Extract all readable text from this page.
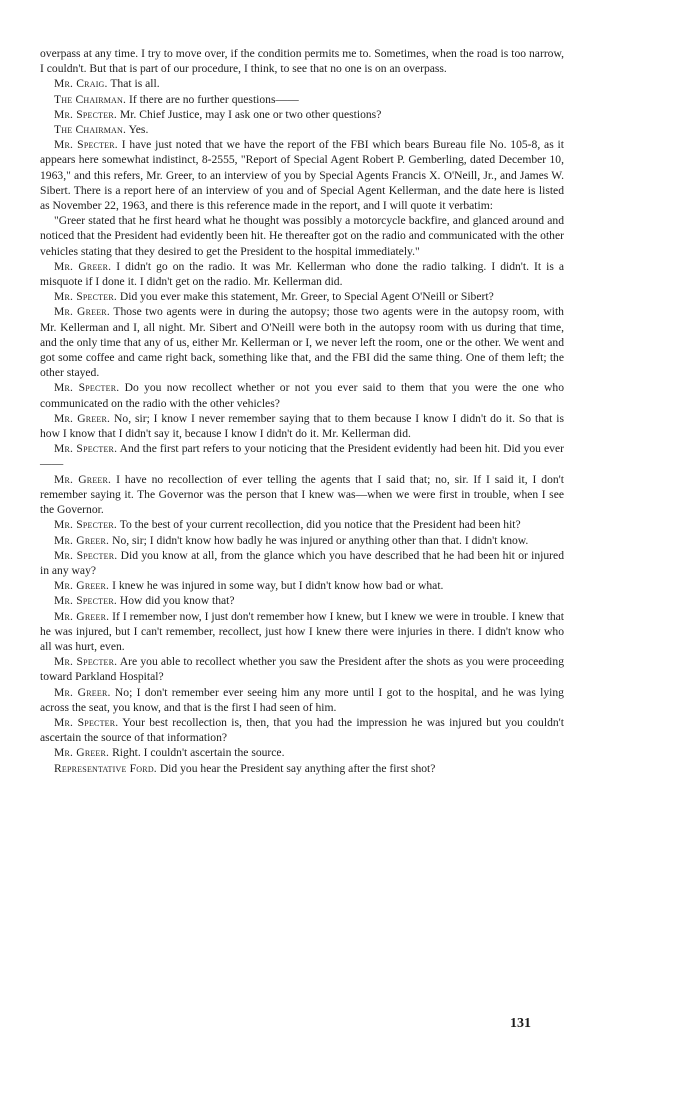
overpass at any time. I try to move over, if the condition permits me to. Sometimes, when the road is too narrow, I couldn't. But that is part of our procedure, I think, to see that no one is on an overpass.

Mr. Craig. That is all.

The Chairman. If there are no further questions——

Mr. Specter. Mr. Chief Justice, may I ask one or two other questions?

The Chairman. Yes.

Mr. Specter. I have just noted that we have the report of the FBI which bears Bureau file No. 105-8, as it appears here somewhat indistinct, 8-2555, "Report of Special Agent Robert P. Gemberling, dated December 10, 1963," and this refers, Mr. Greer, to an interview of you by Special Agents Francis X. O'Neill, Jr., and James W. Sibert. There is a report here of an interview of you and of Special Agent Kellerman, and the date here is listed as November 22, 1963, and there is this reference made in the report, and I will quote it verbatim:

"Greer stated that he first heard what he thought was possibly a motorcycle backfire, and glanced around and noticed that the President had evidently been hit. He thereafter got on the radio and communicated with the other vehicles stating that they desired to get the President to the hospital immediately."

Mr. Greer. I didn't go on the radio. It was Mr. Kellerman who done the radio talking. I didn't. It is a misquote if I done it. I didn't get on the radio. Mr. Kellerman did.

Mr. Specter. Did you ever make this statement, Mr. Greer, to Special Agent O'Neill or Sibert?

Mr. Greer. Those two agents were in during the autopsy; those two agents were in the autopsy room, with Mr. Kellerman and I, all night. Mr. Sibert and O'Neill were both in the autopsy room with us during that time, and the only time that any of us, either Mr. Kellerman or I, we never left the room, one or the other. We went and got some coffee and came right back, something like that, and the FBI did the same thing. One of them left; the other stayed.

Mr. Specter. Do you now recollect whether or not you ever said to them that you were the one who communicated on the radio with the other vehicles?

Mr. Greer. No, sir; I know I never remember saying that to them because I know I didn't do it. So that is how I know that I didn't say it, because I know I didn't do it. Mr. Kellerman did.

Mr. Specter. And the first part refers to your noticing that the President evidently had been hit. Did you ever——

Mr. Greer. I have no recollection of ever telling the agents that I said that; no, sir. If I said it, I don't remember saying it. The Governor was the person that I knew was—when we were first in trouble, when I see the Governor.

Mr. Specter. To the best of your current recollection, did you notice that the President had been hit?

Mr. Greer. No, sir; I didn't know how badly he was injured or anything other than that. I didn't know.

Mr. Specter. Did you know at all, from the glance which you have described that he had been hit or injured in any way?

Mr. Greer. I knew he was injured in some way, but I didn't know how bad or what.

Mr. Specter. How did you know that?

Mr. Greer. If I remember now, I just don't remember how I knew, but I knew we were in trouble. I knew that he was injured, but I can't remember, recollect, just how I knew there were injuries in there. I didn't know who all was hurt, even.

Mr. Specter. Are you able to recollect whether you saw the President after the shots as you were proceeding toward Parkland Hospital?

Mr. Greer. No; I don't remember ever seeing him any more until I got to the hospital, and he was lying across the seat, you know, and that is the first I had seen of him.

Mr. Specter. Your best recollection is, then, that you had the impression he was injured but you couldn't ascertain the source of that information?

Mr. Greer. Right. I couldn't ascertain the source.

Representative Ford. Did you hear the President say anything after the first shot?

131
